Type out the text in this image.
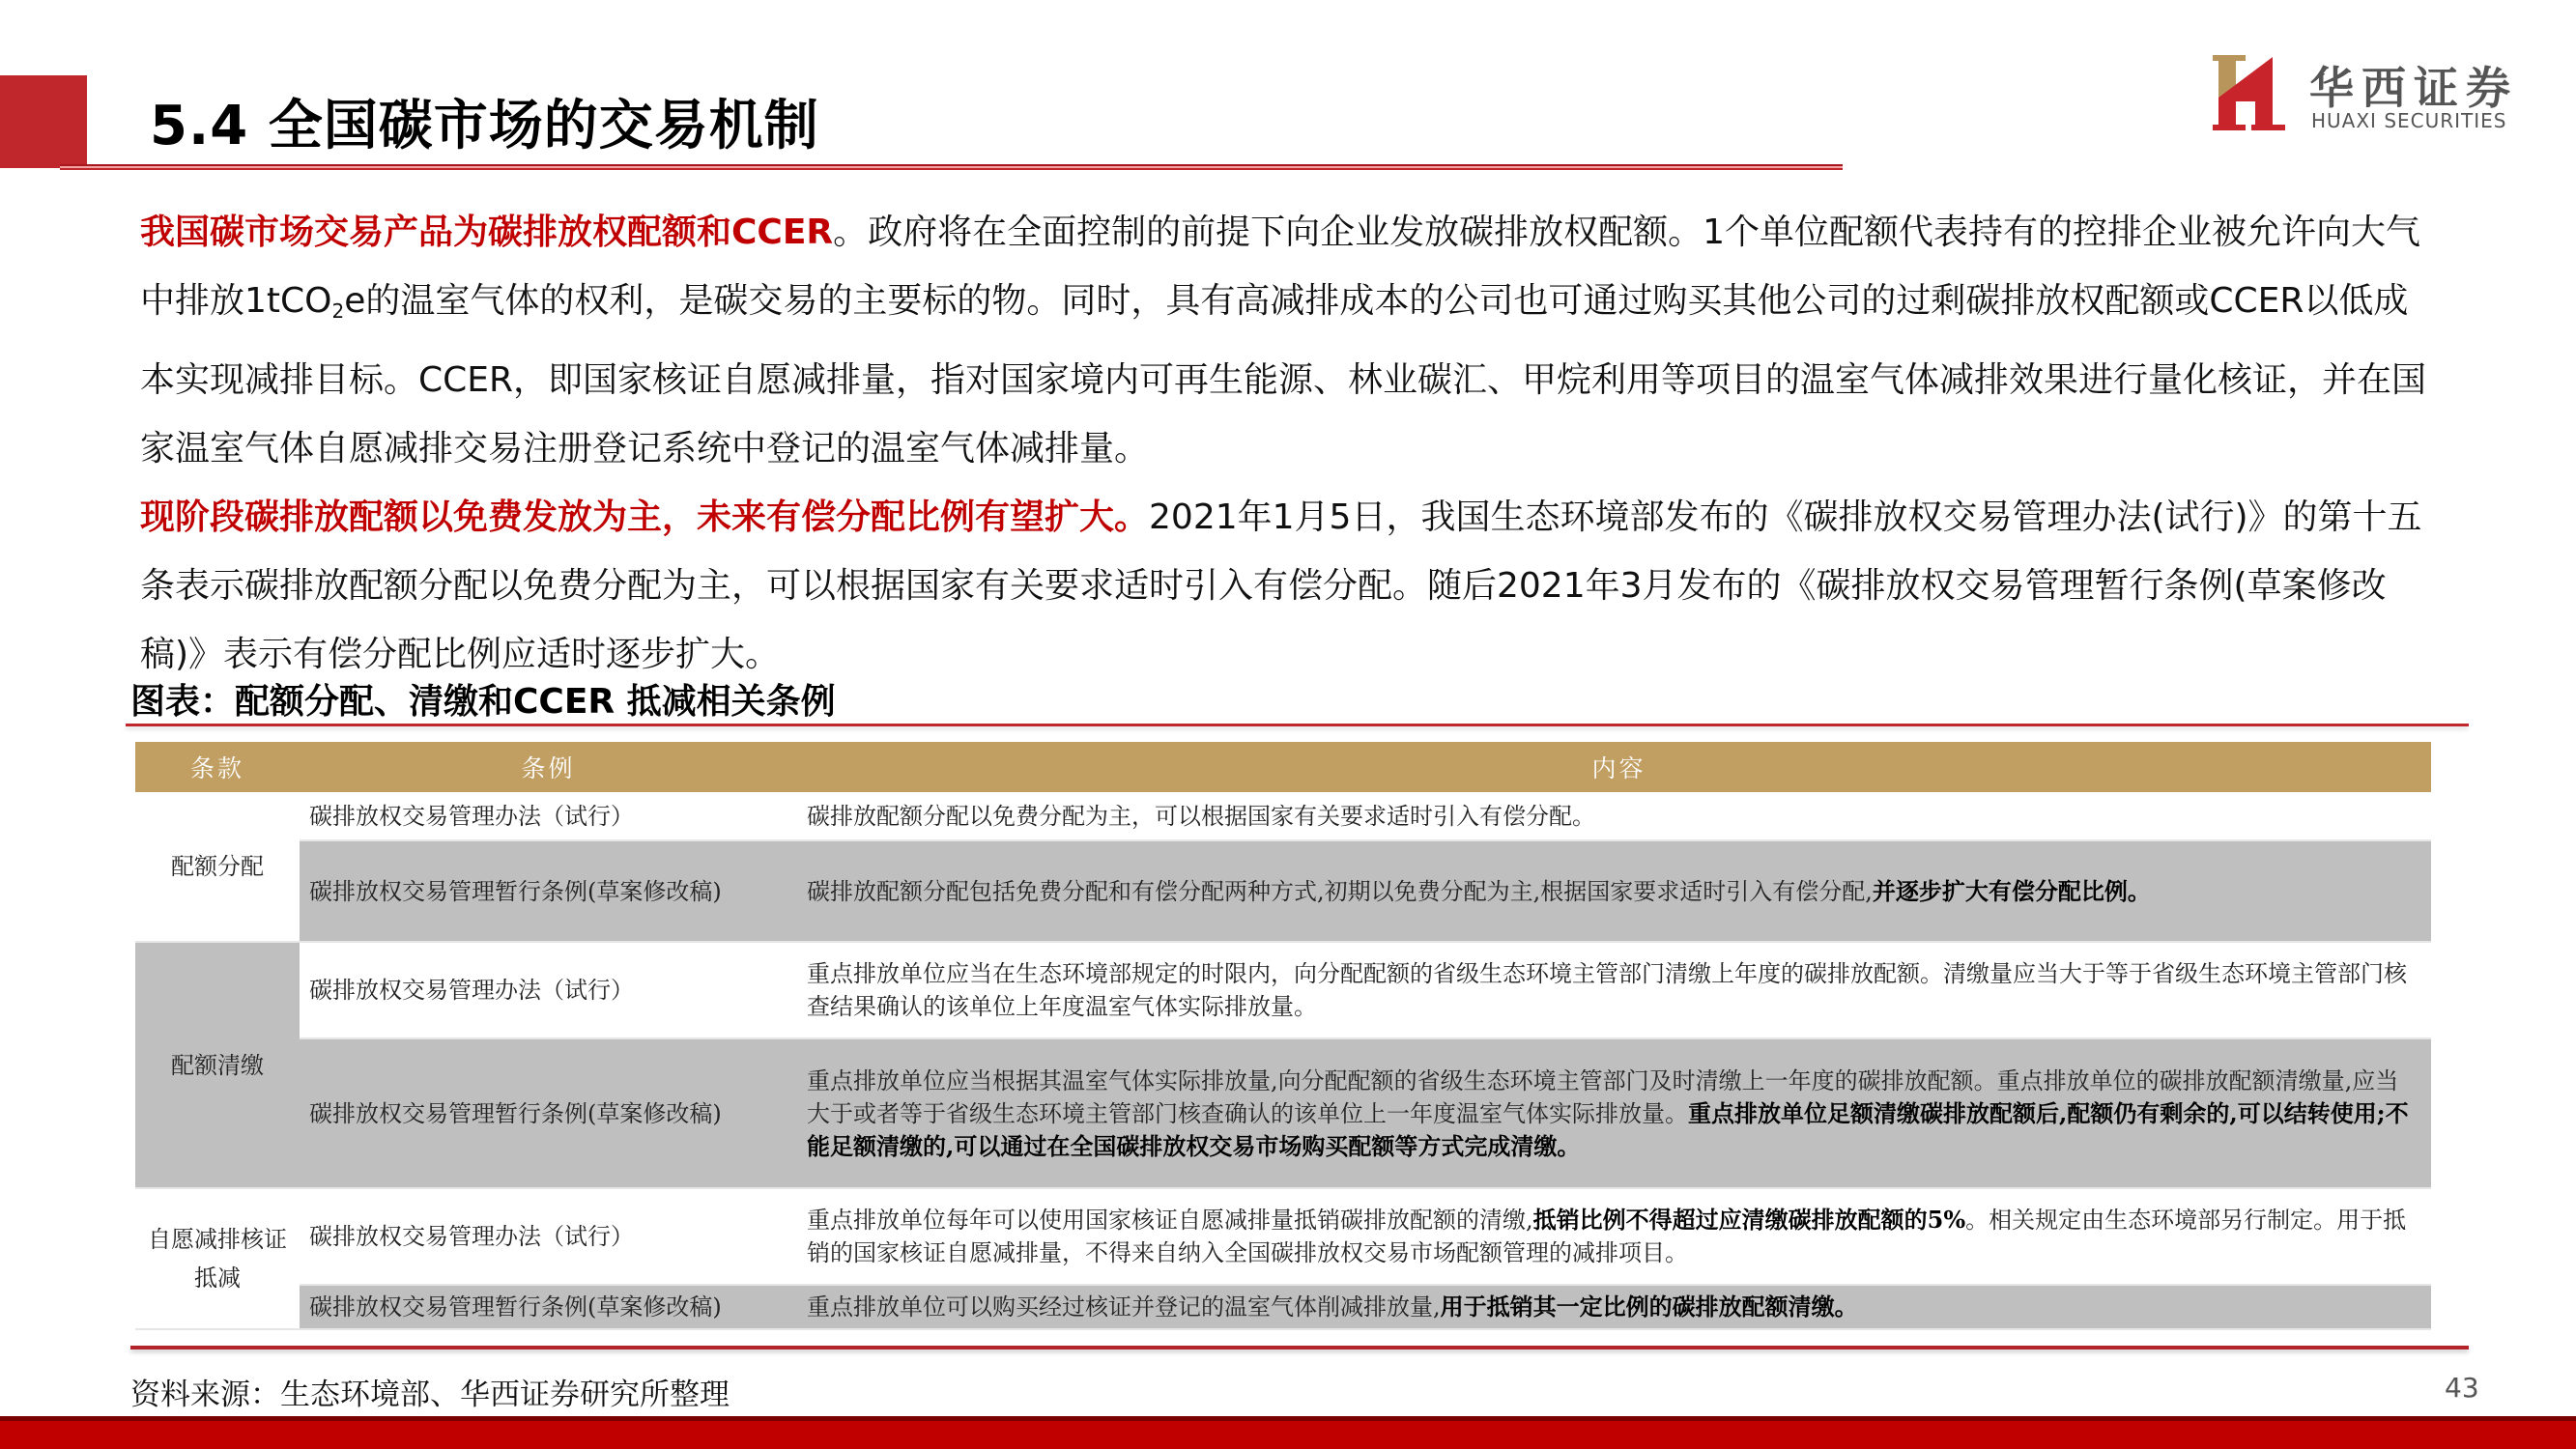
5.4 全国碳市场的交易机制
华西证券
HUAXI SECURITIES

我国碳市场交易产品为碳排放权配额和CCER。政府将在全面控制的前提下向企业发放碳排放权配额。1个单位配额代表持有的控排企业被允许向大气中排放1tCO$_2$e的温室气体的权利，是碳交易的主要标的物。同时，具有高减排成本的公司也可通过购买其他公司的过剩碳排放权配额或CCER以低成本实现减排目标。CCER，即国家核证自愿减排量，指对国家境内可再生能源、林业碳汇、甲烷利用等项目的温室气体减排效果进行量化核证，并在国家温室气体自愿减排交易注册登记系统中登记的温室气体减排量。

现阶段碳排放配额以免费发放为主，未来有偿分配比例有望扩大。2021年1月5日，我国生态环境部发布的《碳排放权交易管理办法(试行)》的第十五条表示碳排放配额分配以免费分配为主，可以根据国家有关要求适时引入有偿分配。随后2021年3月发布的《碳排放权交易管理暂行条例(草案修改稿)》表示有偿分配比例应适时逐步扩大。

图表：配额分配、清缴和CCER 抵减相关条例
条款	条例	内容
配额分配	碳排放权交易管理办法（试行）	碳排放配额分配以免费分配为主，可以根据国家有关要求适时引入有偿分配。
	碳排放权交易管理暂行条例(草案修改稿)	碳排放配额分配包括免费分配和有偿分配两种方式,初期以免费分配为主,根据国家要求适时引入有偿分配,并逐步扩大有偿分配比例。
配额清缴	碳排放权交易管理办法（试行）	重点排放单位应当在生态环境部规定的时限内，向分配配额的省级生态环境主管部门清缴上年度的碳排放配额。清缴量应当大于等于省级生态环境主管部门核查结果确认的该单位上年度温室气体实际排放量。
	碳排放权交易管理暂行条例(草案修改稿)	重点排放单位应当根据其温室气体实际排放量,向分配配额的省级生态环境主管部门及时清缴上一年度的碳排放配额。重点排放单位的碳排放配额清缴量,应当大于或者等于省级生态环境主管部门核查确认的该单位上一年度温室气体实际排放量。重点排放单位足额清缴碳排放配额后,配额仍有剩余的,可以结转使用;不能足额清缴的,可以通过在全国碳排放权交易市场购买配额等方式完成清缴。
自愿减排核证抵减	碳排放权交易管理办法（试行）	重点排放单位每年可以使用国家核证自愿减排量抵销碳排放配额的清缴,抵销比例不得超过应清缴碳排放配额的5%。相关规定由生态环境部另行制定。用于抵销的国家核证自愿减排量，不得来自纳入全国碳排放权交易市场配额管理的减排项目。
	碳排放权交易管理暂行条例(草案修改稿)	重点排放单位可以购买经过核证并登记的温室气体削减排放量,用于抵销其一定比例的碳排放配额清缴。
资料来源：生态环境部、华西证券研究所整理	43
